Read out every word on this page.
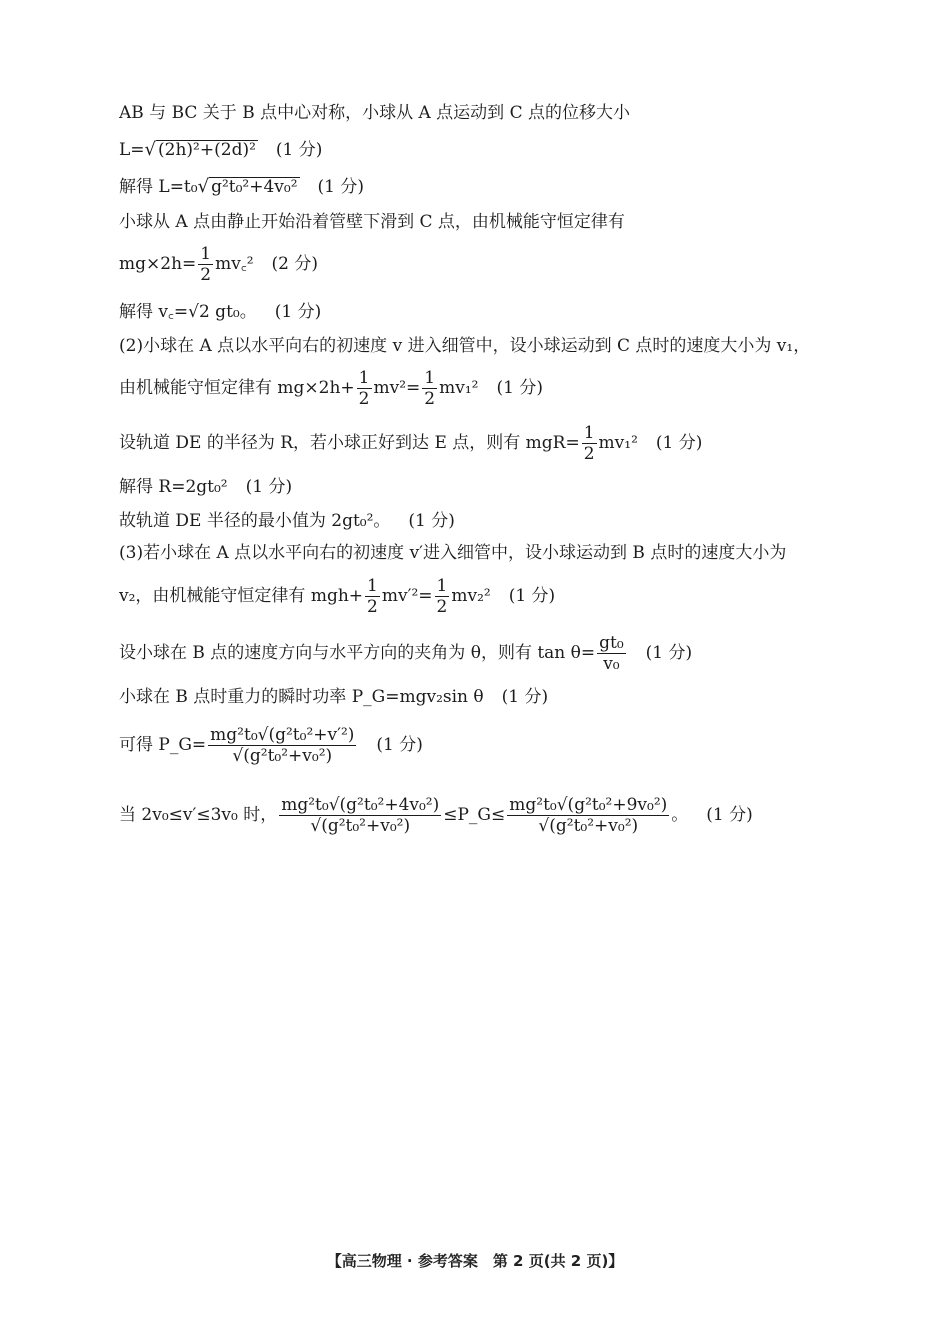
AB 与 BC 关于 B 点中心对称，小球从 A 点运动到 C 点的位移大小
L=√ (2h)²+(2d)² (1 分)
解得 L=t₀√ g²t₀²+4v₀² (1 分)
小球从 A 点由静止开始沿着管壁下滑到 C 点，由机械能守恒定律有
$mg\times 2h= \frac{1}{2}$ mv꜀² (2 分)
解得 v꜀=√2 gt₀。 (1 分)
(2)小球在 A 点以水平向右的初速度 v 进入细管中，设小球运动到 C 点时的速度大小为 v₁，
由机械能守恒定律有 $mg\times 2h+ \frac{1}{2} mv^2= \frac{1}{2} mv_1^2$ (1 分)
设轨道 DE 的半径为 R，若小球正好到达 E 点，则有 $mgR= \frac{1}{2} mv_1^2$ (1 分)
解得 R=2gt₀² (1 分)
故轨道 DE 半径的最小值为 2gt₀²。 (1 分)
(3)若小球在 A 点以水平向右的初速度 v′进入细管中，设小球运动到 B 点时的速度大小为
v₂，由机械能守恒定律有 $mgh+ \frac{1}{2} mv'^2= \frac{1}{2} mv_2^2$ (1 分)
设小球在 B 点的速度方向与水平方向的夹角为 θ，则有 $\tan \theta= \frac{\text{gt₀}}{\text{v₀}} (1$ 分)
小球在 B 点时重力的瞬时功率 P_G=mgv₂sin θ (1 分)
可得 P_G= $\frac{\text{mg²t₀√(g²t₀²+v′²)}}{\text{√(g²t₀²+v₀²)}} (1$ 分)
当 2v₀≤v′≤3v₀ 时， $\frac{\text{mg²t₀√(g²t₀²+4v₀²)}}{\text{√(g²t₀²+v₀²)}}$ ≤P_G≤ $\frac{\text{mg²t₀√(g²t₀²+9v₀²)}}{\text{√(g²t₀²+v₀²)}}$ 。 (1 分)
【高三物理 · 参考答案　第 2 页(共 2 页)】
